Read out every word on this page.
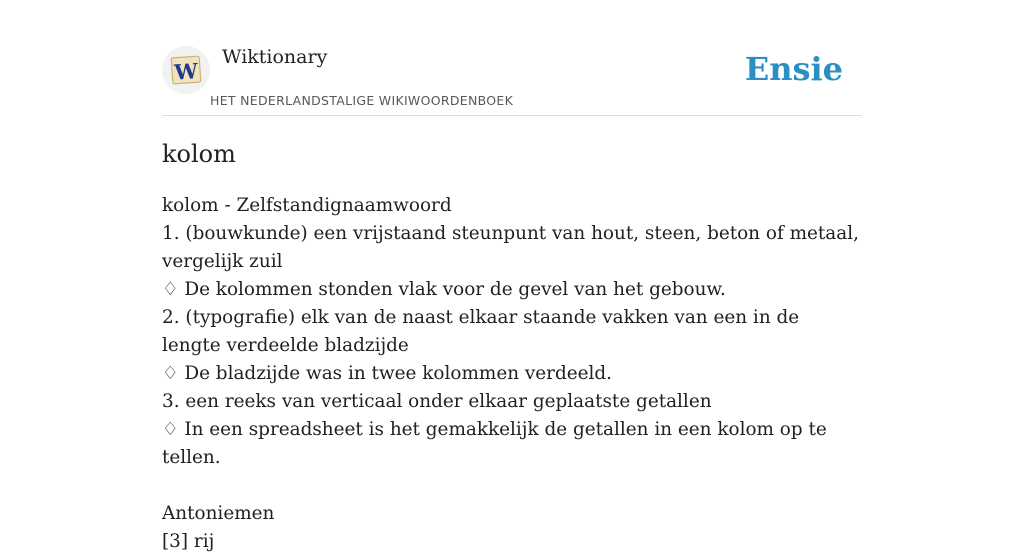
W
Wiktionary
HET NEDERLANDSTALIGE WIKIWOORDENBOEK
Ensie
kolom
kolom - Zelfstandignaamwoord
1. (bouwkunde) een vrijstaand steunpunt van hout, steen, beton of metaal, vergelijk zuil
♢ De kolommen stonden vlak voor de gevel van het gebouw.
2. (typografie) elk van de naast elkaar staande vakken van een in de lengte verdeelde bladzijde
♢ De bladzijde was in twee kolommen verdeeld.
3. een reeks van verticaal onder elkaar geplaatste getallen
♢ In een spreadsheet is het gemakkelijk de getallen in een kolom op te tellen.
Antoniemen
[3] rij
